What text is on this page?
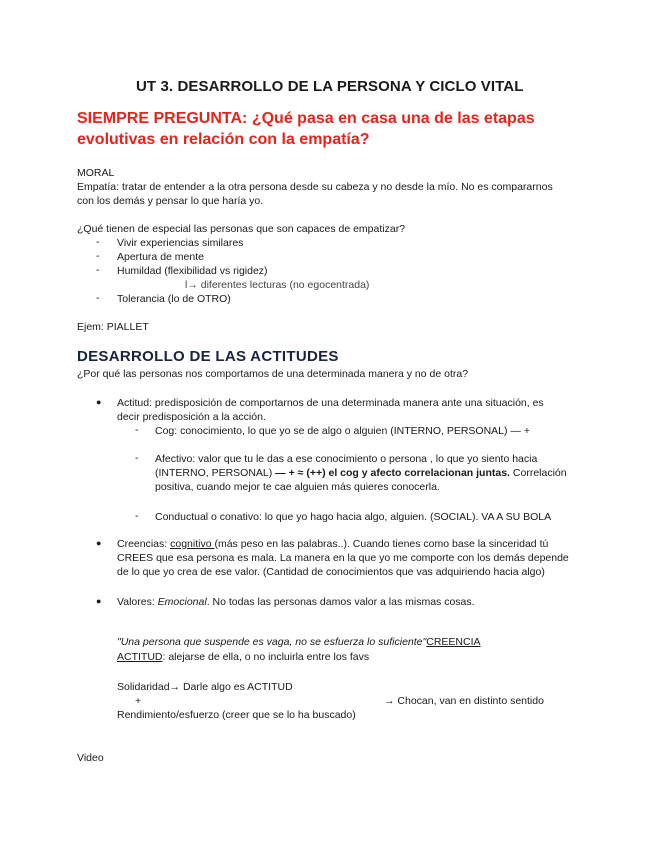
UT 3. DESARROLLO DE LA PERSONA Y CICLO VITAL
SIEMPRE PREGUNTA: ¿Qué pasa en casa una de las etapas
evolutivas en relación con la empatía?
MORAL
Empatía: tratar de entender a la otra persona desde su cabeza y no desde la mío. No es compararnos
con los demás y pensar lo que haría yo.
¿Qué tienen de especial las personas que son capaces de empatizar?
- Vivir experiencias similares
- Apertura de mente
- Humildad (flexibilidad vs rigidez)
l→ diferentes lecturas (no egocentrada)
- Tolerancia (lo de OTRO)
Ejem: PIALLET
DESARROLLO DE LAS ACTITUDES
¿Por qué las personas nos comportamos de una determinada manera y no de otra?
● Actitud: predisposición de comportarnos de una determinada manera ante una situación, es
decir predisposición a la acción.
- Cog: conocimiento, lo que yo se de algo o alguien (INTERNO, PERSONAL) — +
- Afectivo: valor que tu le das a ese conocimiento o persona , lo que yo siento hacia
(INTERNO, PERSONAL) — + ≈ (++) el cog y afecto correlacionan juntas. Correlación
positiva, cuando mejor te cae alguien más quieres conocerla.
- Conductual o conativo: lo que yo hago hacia algo, alguien. (SOCIAL). VA A SU BOLA
● Creencias: cognitivo (más peso en las palabras..). Cuando tienes como base la sinceridad tú
CREES que esa persona es mala. La manera en la que yo me comporte con los demás depende
de lo que yo crea de ese valor. (Cantidad de conocimientos que vas adquiriendo hacia algo)
● Valores: Emocional. No todas las personas damos valor a las mismas cosas.
"Una persona que suspende es vaga, no se esfuerza lo suficiente"CREENCIA
ACTITUD: alejarse de ella, o no incluirla entre los favs
Solidaridad→ Darle algo es ACTITUD
+	→ Chocan, van en distinto sentido
Rendimiento/esfuerzo (creer que se lo ha buscado)
Video
